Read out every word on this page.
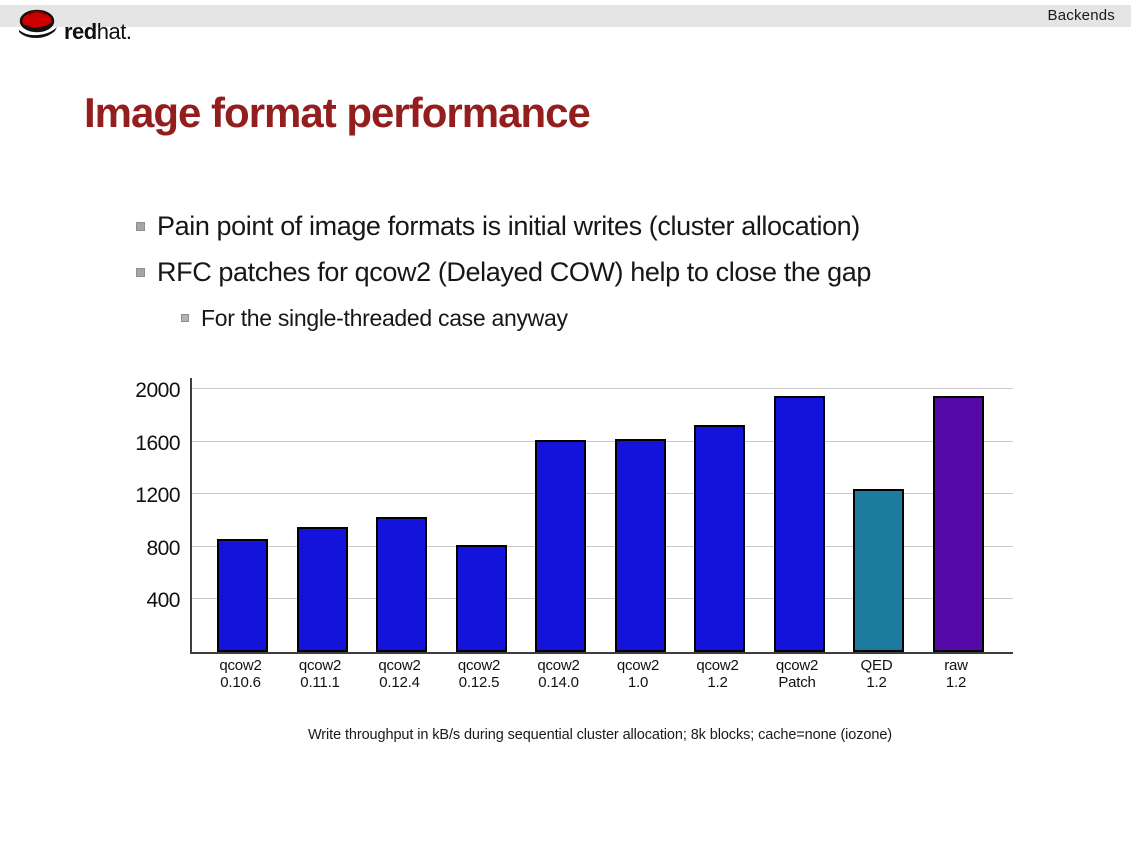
Backends
redhat.
Image format performance
Pain point of image formats is initial writes (cluster allocation)
RFC patches for qcow2 (Delayed COW) help to close the gap
For the single-threaded case anyway
400
800
1200
1600
2000
qcow2
0.10.6
qcow2
0.11.1
qcow2
0.12.4
qcow2
0.12.5
qcow2
0.14.0
qcow2
1.0
qcow2
1.2
qcow2
Patch
QED
1.2
raw
1.2
Write throughput in kB/s during sequential cluster allocation; 8k blocks; cache=none (iozone)
